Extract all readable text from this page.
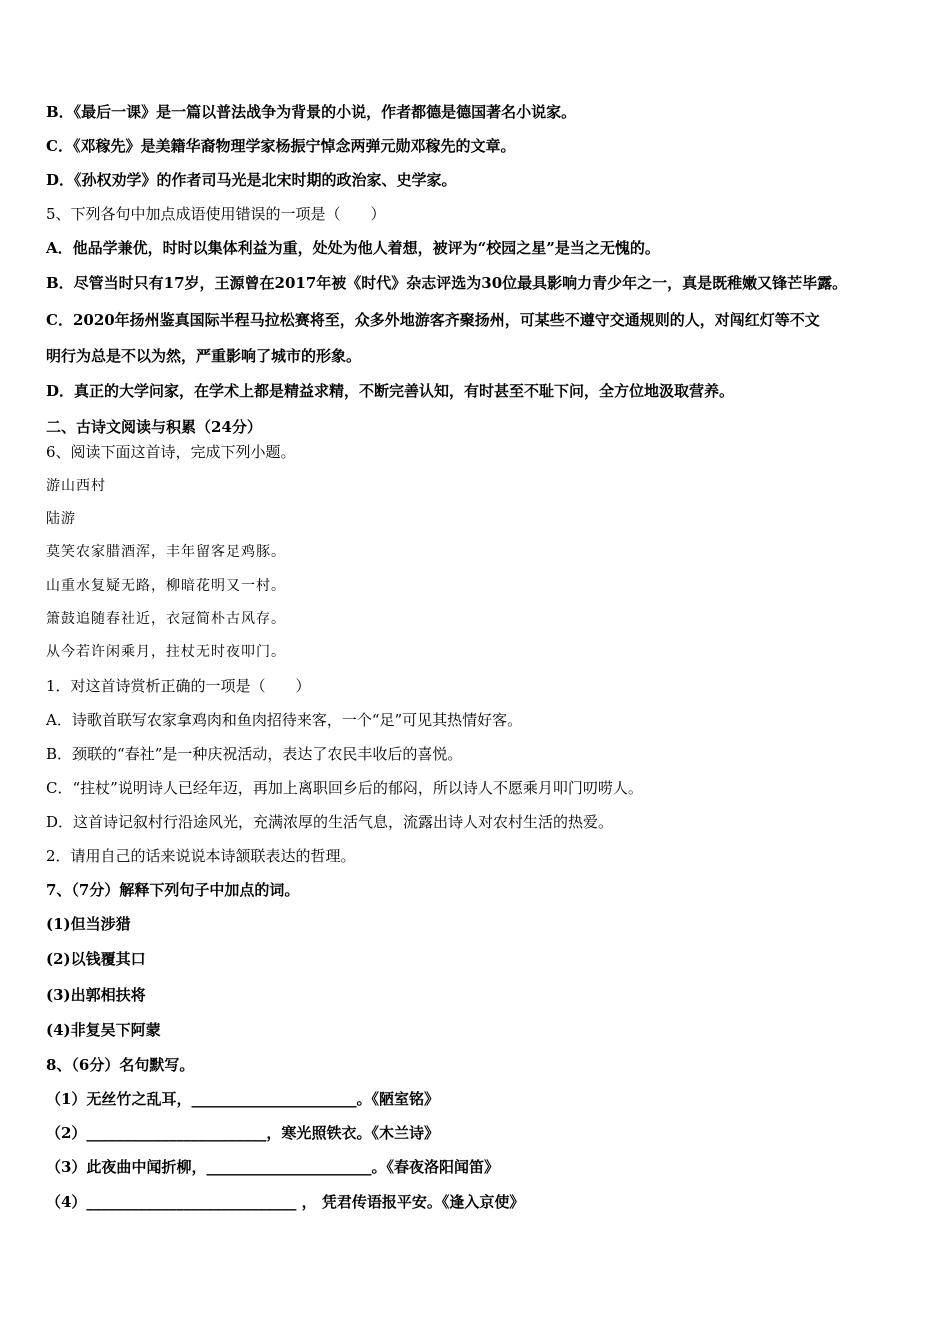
B．《最后一课》是一篇以普法战争为背景的小说，作者都德是德国著名小说家。
C．《邓稼先》是美籍华裔物理学家杨振宁悼念两弹元勋邓稼先的文章。
D．《孙权劝学》的作者司马光是北宋时期的政治家、史学家。
5、下列各句中加点成语使用错误的一项是（　　）
A．他品学兼优，时时以集体利益为重，处处为他人着想，被评为“校园之星”是当之无愧的。
B．尽管当时只有17岁，王源曾在2017年被《时代》杂志评选为30位最具影响力青少年之一，真是既稚嫩又锋芒毕露。
C．2020年扬州鉴真国际半程马拉松赛将至，众多外地游客齐聚扬州，可某些不遵守交通规则的人，对闯红灯等不文
明行为总是不以为然，严重影响了城市的形象。
D．真正的大学问家，在学术上都是精益求精，不断完善认知，有时甚至不耻下问，全方位地汲取营养。
二、古诗文阅读与积累（24分）
6、阅读下面这首诗，完成下列小题。
游山西村
陆游
莫笑农家腊酒浑，丰年留客足鸡豚。
山重水复疑无路，柳暗花明又一村。
箫鼓追随春社近，衣冠简朴古风存。
从今若许闲乘月，拄杖无时夜叩门。
1．对这首诗赏析正确的一项是（　　）
A．诗歌首联写农家拿鸡肉和鱼肉招待来客，一个“足”可见其热情好客。
B．颈联的“春社”是一种庆祝活动，表达了农民丰收后的喜悦。
C．“拄杖”说明诗人已经年迈，再加上离职回乡后的郁闷，所以诗人不愿乘月叩门叨唠人。
D．这首诗记叙村行沿途风光，充满浓厚的生活气息，流露出诗人对农村生活的热爱。
2．请用自己的话来说说本诗颔联表达的哲理。
7、（7分）解释下列句子中加点的词。
(1)但当涉猎
(2)以钱覆其口
(3)出郭相扶将
(4)非复吴下阿蒙
8、（6分）名句默写。
（1）无丝竹之乱耳，______________________。《陋室铭》
（2）________________________，寒光照铁衣。《木兰诗》
（3）此夜曲中闻折柳，______________________。《春夜洛阳闻笛》
（4）____________________________ ， 凭君传语报平安。《逢入京使》
